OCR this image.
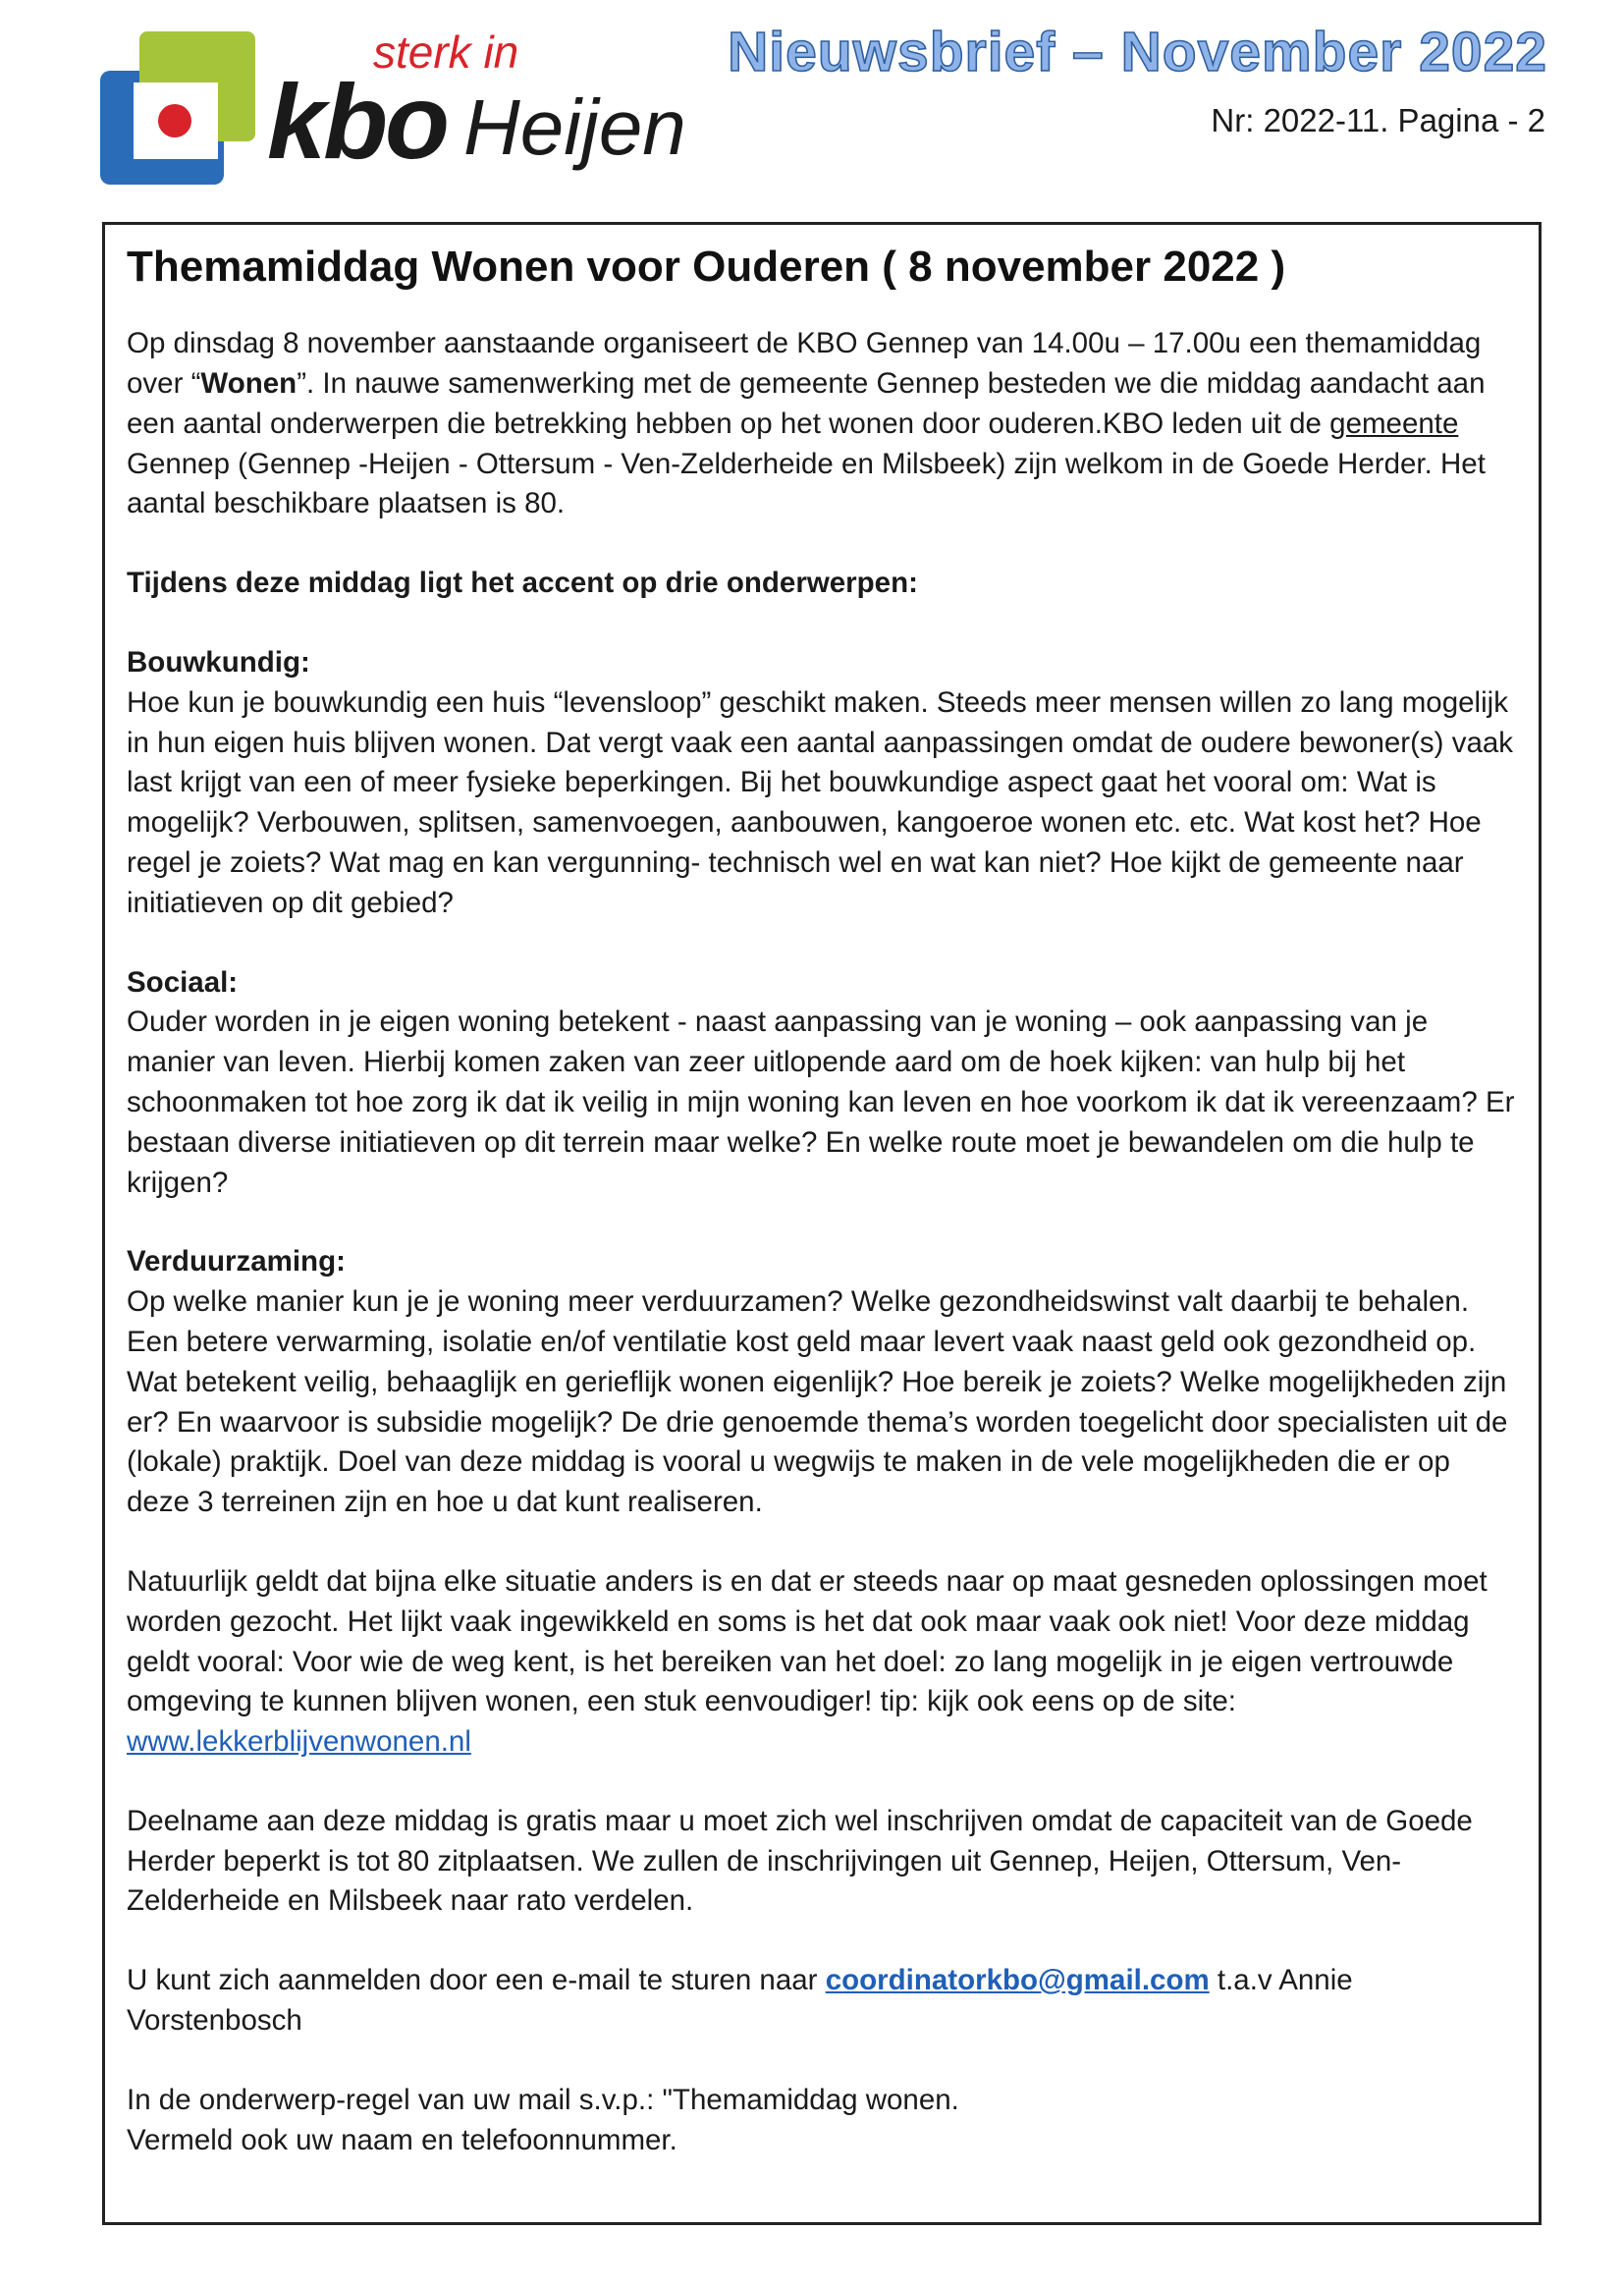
sterk in
kbo Heijen
Nieuwsbrief – November 2022
Nr: 2022-11. Pagina - 2
Themamiddag Wonen voor Ouderen ( 8 november 2022 )

Op dinsdag 8 november aanstaande organiseert de KBO Gennep van 14.00u – 17.00u een themamiddag over “Wonen”. In nauwe samenwerking met de gemeente Gennep besteden we die middag aandacht aan een aantal onderwerpen die betrekking hebben op het wonen door ouderen.KBO leden uit de gemeente Gennep (Gennep -Heijen - Ottersum - Ven-Zelderheide en Milsbeek) zijn welkom in de Goede Herder. Het aantal beschikbare plaatsen is 80.

Tijdens deze middag ligt het accent op drie onderwerpen:

Bouwkundig:
Hoe kun je bouwkundig een huis “levensloop” geschikt maken. Steeds meer mensen willen zo lang mogelijk in hun eigen huis blijven wonen. Dat vergt vaak een aantal aanpassingen omdat de oudere bewoner(s) vaak last krijgt van een of meer fysieke beperkingen. Bij het bouwkundige aspect gaat het vooral om: Wat is mogelijk? Verbouwen, splitsen, samenvoegen, aanbouwen, kangoeroe wonen etc. etc. Wat kost het? Hoe regel je zoiets? Wat mag en kan vergunning- technisch wel en wat kan niet? Hoe kijkt de gemeente naar initiatieven op dit gebied?

Sociaal:
Ouder worden in je eigen woning betekent - naast aanpassing van je woning – ook aanpassing van je manier van leven. Hierbij komen zaken van zeer uitlopende aard om de hoek kijken: van hulp bij het schoonmaken tot hoe zorg ik dat ik veilig in mijn woning kan leven en hoe voorkom ik dat ik vereenzaam? Er bestaan diverse initiatieven op dit terrein maar welke? En welke route moet je bewandelen om die hulp te krijgen?

Verduurzaming:
Op welke manier kun je je woning meer verduurzamen? Welke gezondheidswinst valt daarbij te behalen. Een betere verwarming, isolatie en/of ventilatie kost geld maar levert vaak naast geld ook gezondheid op. Wat betekent veilig, behaaglijk en gerieflijk wonen eigenlijk? Hoe bereik je zoiets? Welke mogelijkheden zijn er? En waarvoor is subsidie mogelijk? De drie genoemde thema’s worden toegelicht door specialisten uit de (lokale) praktijk. Doel van deze middag is vooral u wegwijs te maken in de vele mogelijkheden die er op deze 3 terreinen zijn en hoe u dat kunt realiseren.

Natuurlijk geldt dat bijna elke situatie anders is en dat er steeds naar op maat gesneden oplossingen moet worden gezocht. Het lijkt vaak ingewikkeld en soms is het dat ook maar vaak ook niet! Voor deze middag geldt vooral: Voor wie de weg kent, is het bereiken van het doel: zo lang mogelijk in je eigen vertrouwde omgeving te kunnen blijven wonen, een stuk eenvoudiger! tip: kijk ook eens op de site: www.lekkerblijvenwonen.nl

Deelname aan deze middag is gratis maar u moet zich wel inschrijven omdat de capaciteit van de Goede Herder beperkt is tot 80 zitplaatsen. We zullen de inschrijvingen uit Gennep, Heijen, Ottersum, Ven-Zelderheide en Milsbeek naar rato verdelen.

U kunt zich aanmelden door een e-mail te sturen naar coordinatorkbo@gmail.com t.a.v Annie Vorstenbosch

In de onderwerp-regel van uw mail s.v.p.: "Themamiddag wonen.
Vermeld ook uw naam en telefoonnummer.
